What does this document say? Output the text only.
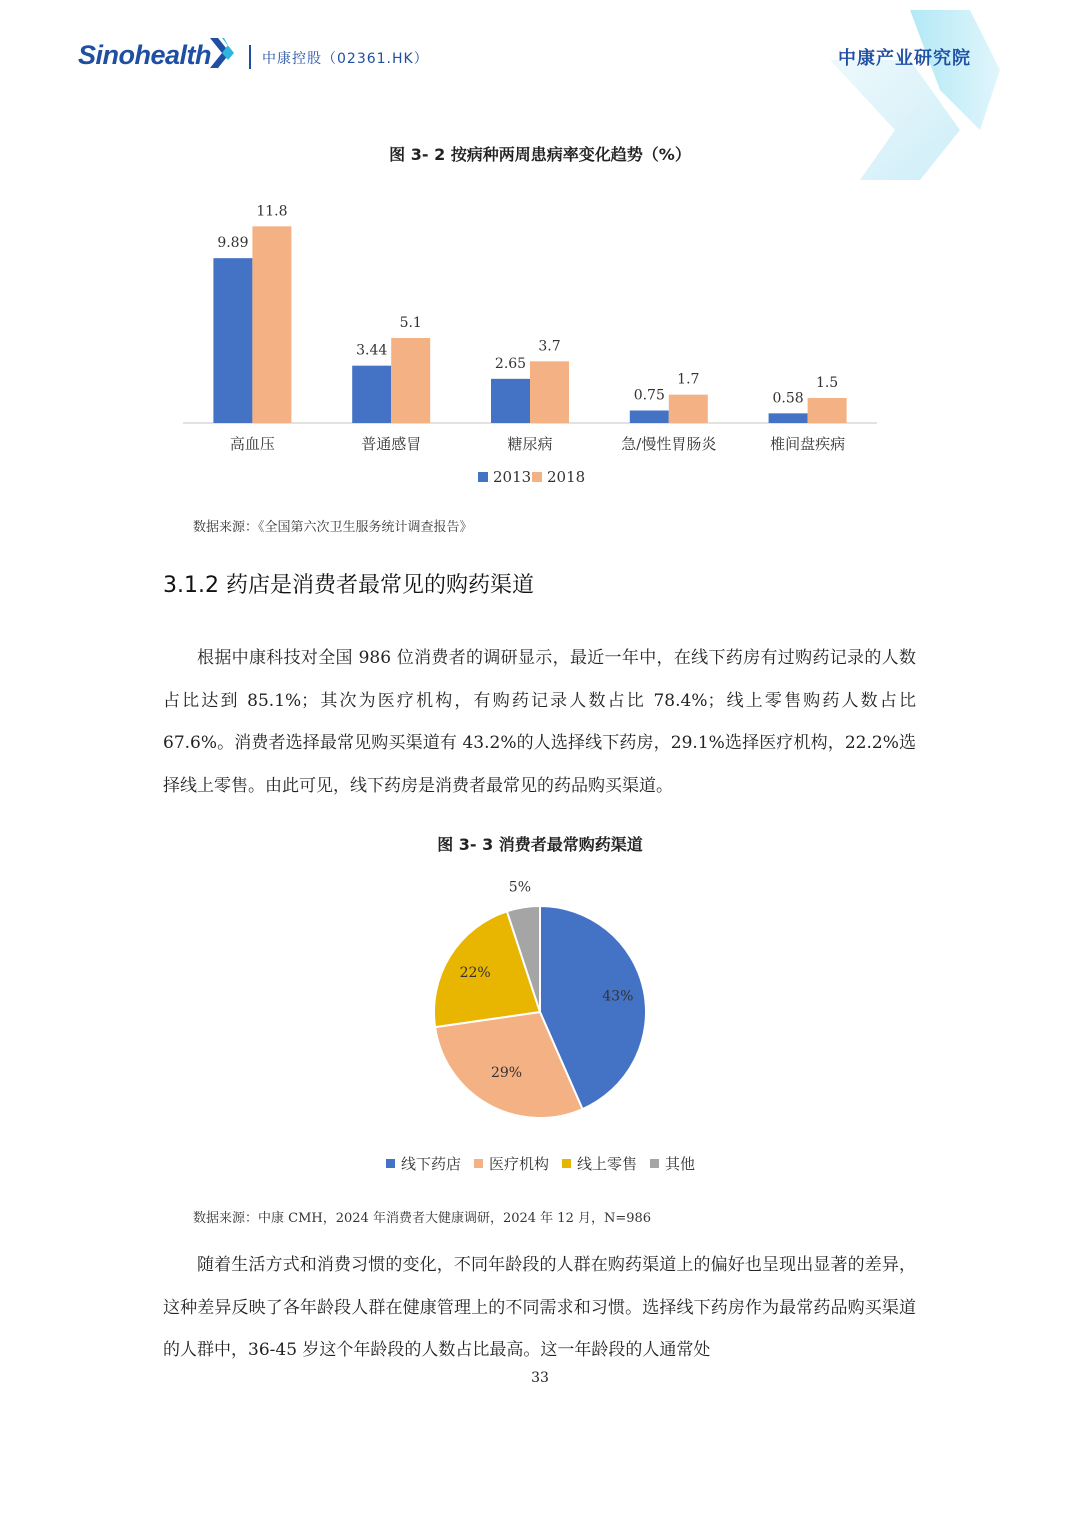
Sinohealth	中康控股（02361.HK）	中康产业研究院
图 3- 2 按病种两周患病率变化趋势（%）
9.89
11.8
高血压
3.44
5.1
普通感冒
2.65
3.7
糖尿病
0.75
1.7
急/慢性胃肠炎
0.58
1.5
椎间盘疾病
2013 2018
数据来源：《全国第六次卫生服务统计调查报告》
3.1.2 药店是消费者最常见的购药渠道

根据中康科技对全国 986 位消费者的调研显示，最近一年中，在线下药房有过购药记录的人数占比达到 85.1%；其次为医疗机构，有购药记录人数占比 78.4%；线上零售购药人数占比 67.6%。消费者选择最常见购买渠道有 43.2%的人选择线下药房，29.1%选择医疗机构，22.2%选择线上零售。由此可见，线下药房是消费者最常见的药品购买渠道。

图 3- 3 消费者最常购药渠道
43%
29%
22%
5%
线下药店 医疗机构 线上零售 其他
数据来源：中康 CMH，2024 年消费者大健康调研，2024 年 12 月，N=986

随着生活方式和消费习惯的变化，不同年龄段的人群在购药渠道上的偏好也呈现出显著的差异，这种差异反映了各年龄段人群在健康管理上的不同需求和习惯。选择线下药房作为最常药品购买渠道的人群中，36-45 岁这个年龄段的人数占比最高。这一年龄段的人通常处

33
